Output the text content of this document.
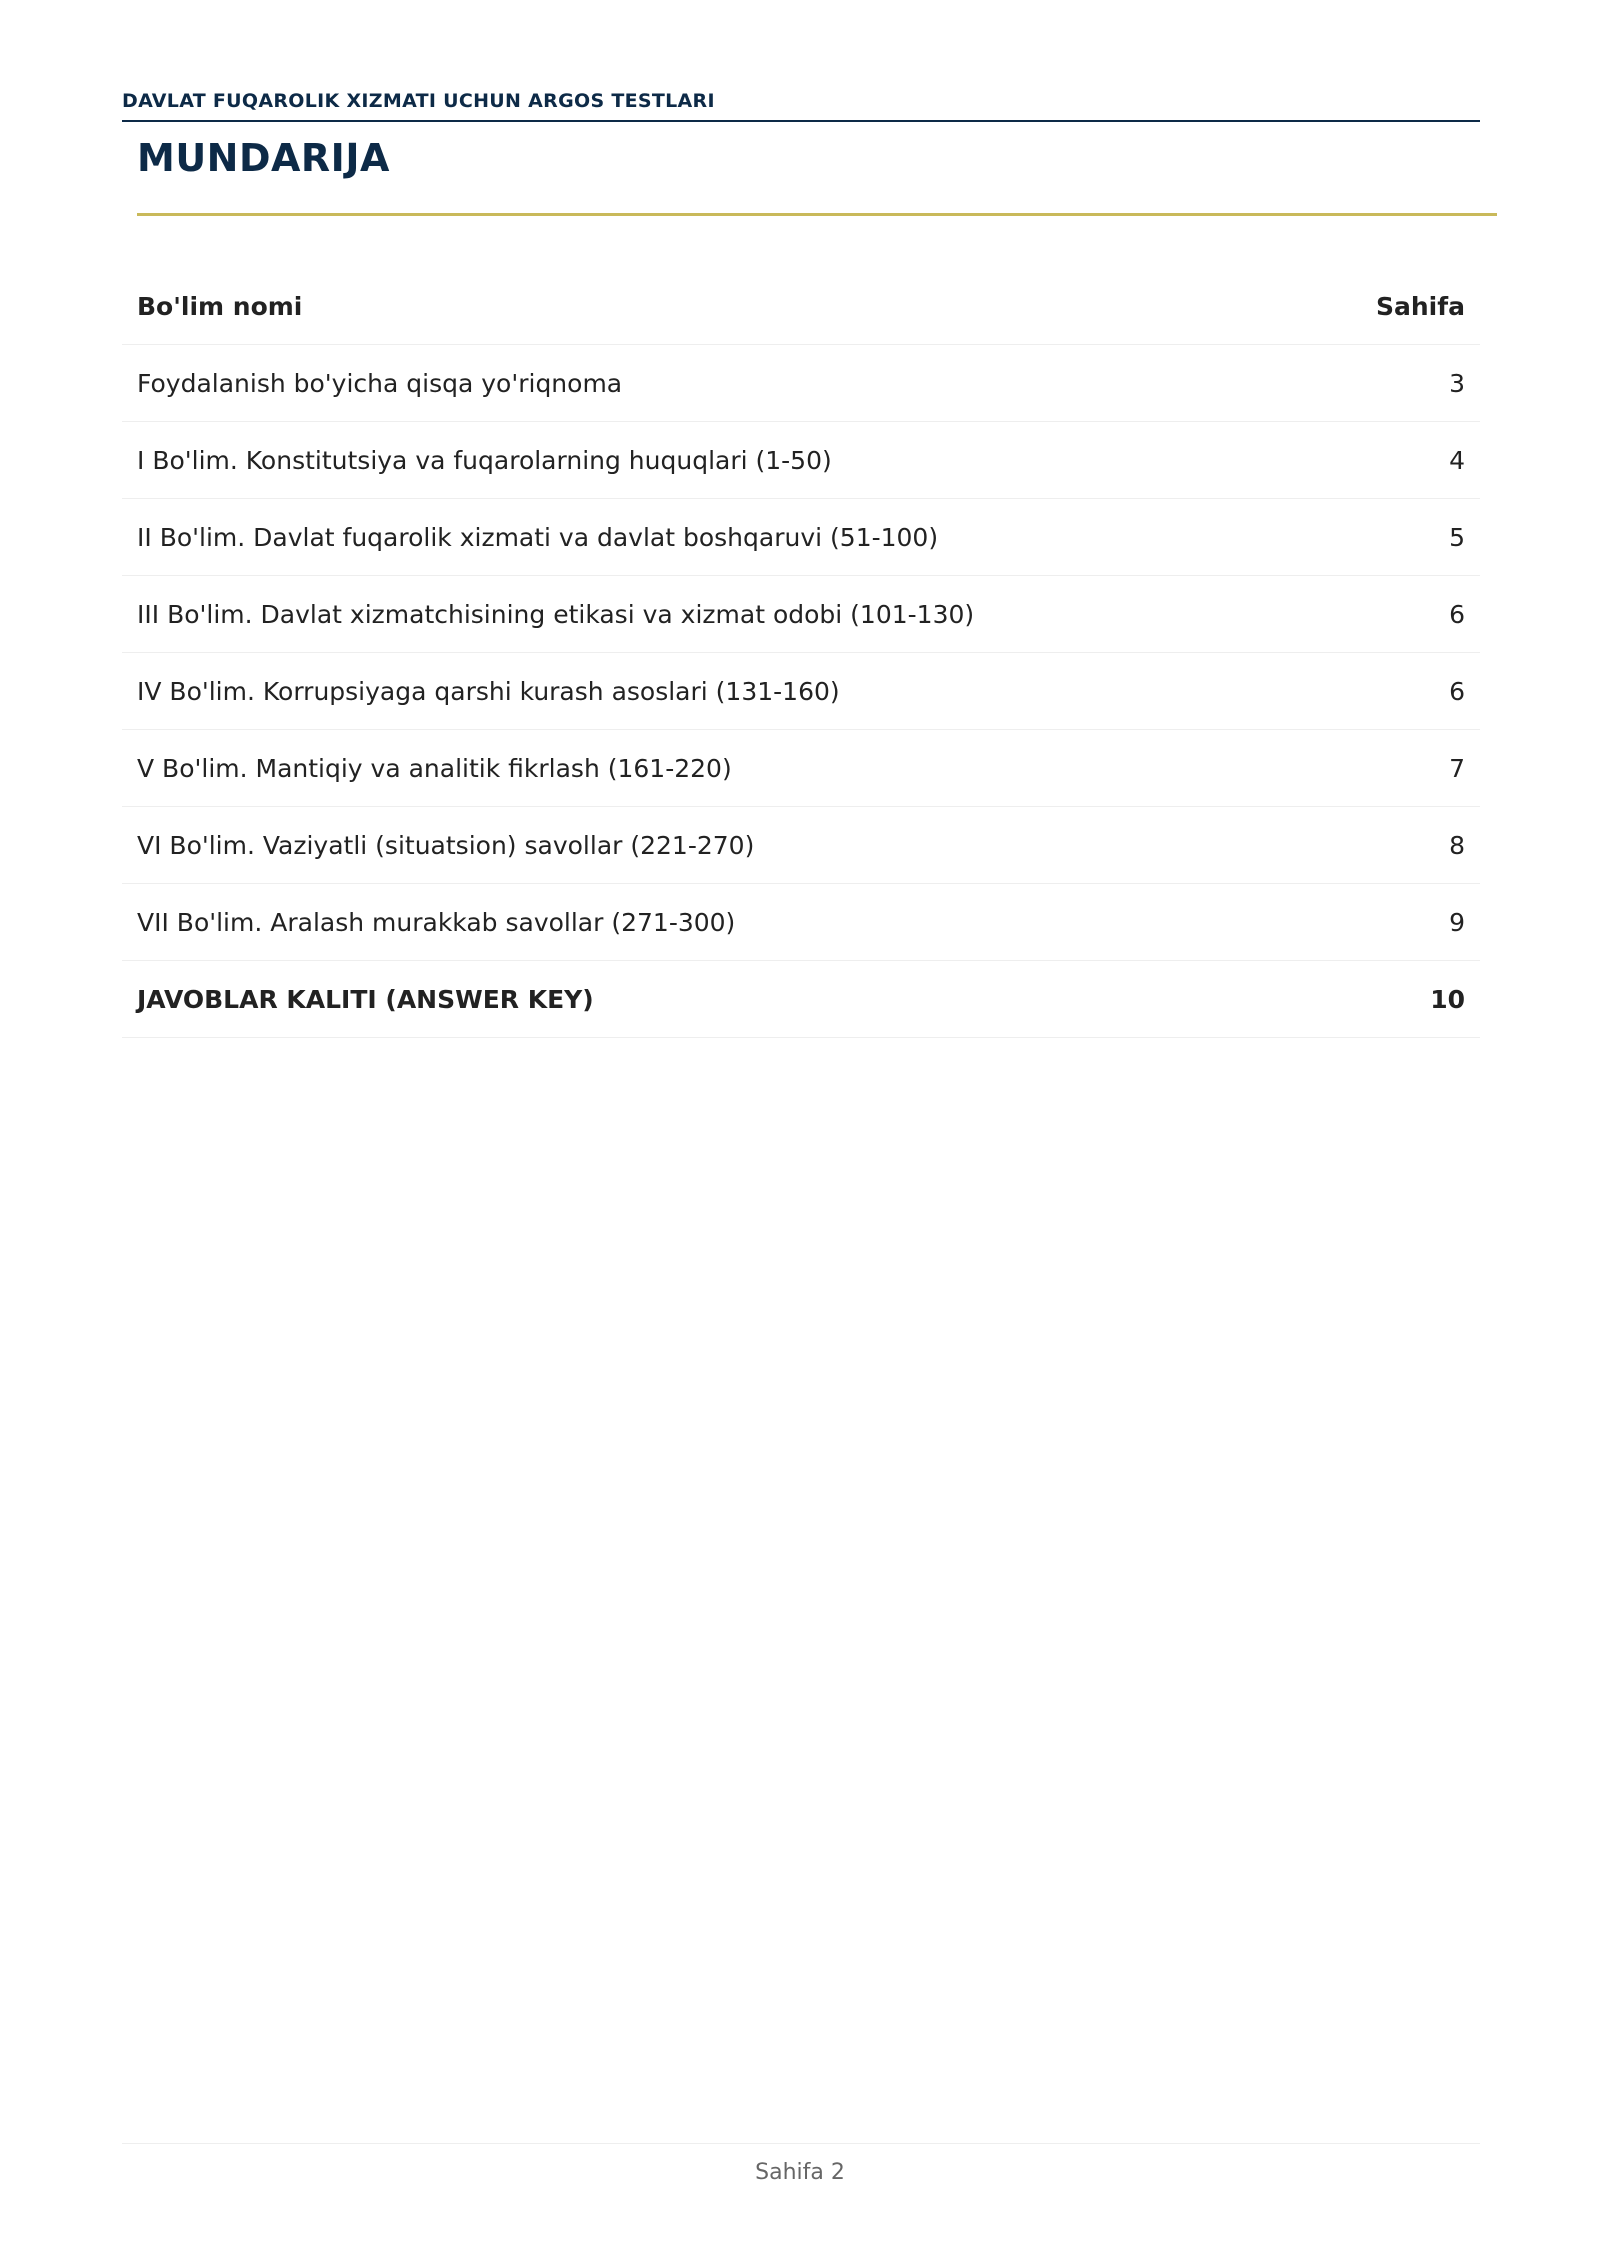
DAVLAT FUQAROLIK XIZMATI UCHUN ARGOS TESTLARI
MUNDARIJA
Bo'lim nomi	Sahifa
Foydalanish bo'yicha qisqa yo'riqnoma	3
I Bo'lim. Konstitutsiya va fuqarolarning huquqlari (1-50)	4
II Bo'lim. Davlat fuqarolik xizmati va davlat boshqaruvi (51-100)	5
III Bo'lim. Davlat xizmatchisining etikasi va xizmat odobi (101-130)	6
IV Bo'lim. Korrupsiyaga qarshi kurash asoslari (131-160)	6
V Bo'lim. Mantiqiy va analitik fikrlash (161-220)	7
VI Bo'lim. Vaziyatli (situatsion) savollar (221-270)	8
VII Bo'lim. Aralash murakkab savollar (271-300)	9
JAVOBLAR KALITI (ANSWER KEY)	10
Sahifa 2
